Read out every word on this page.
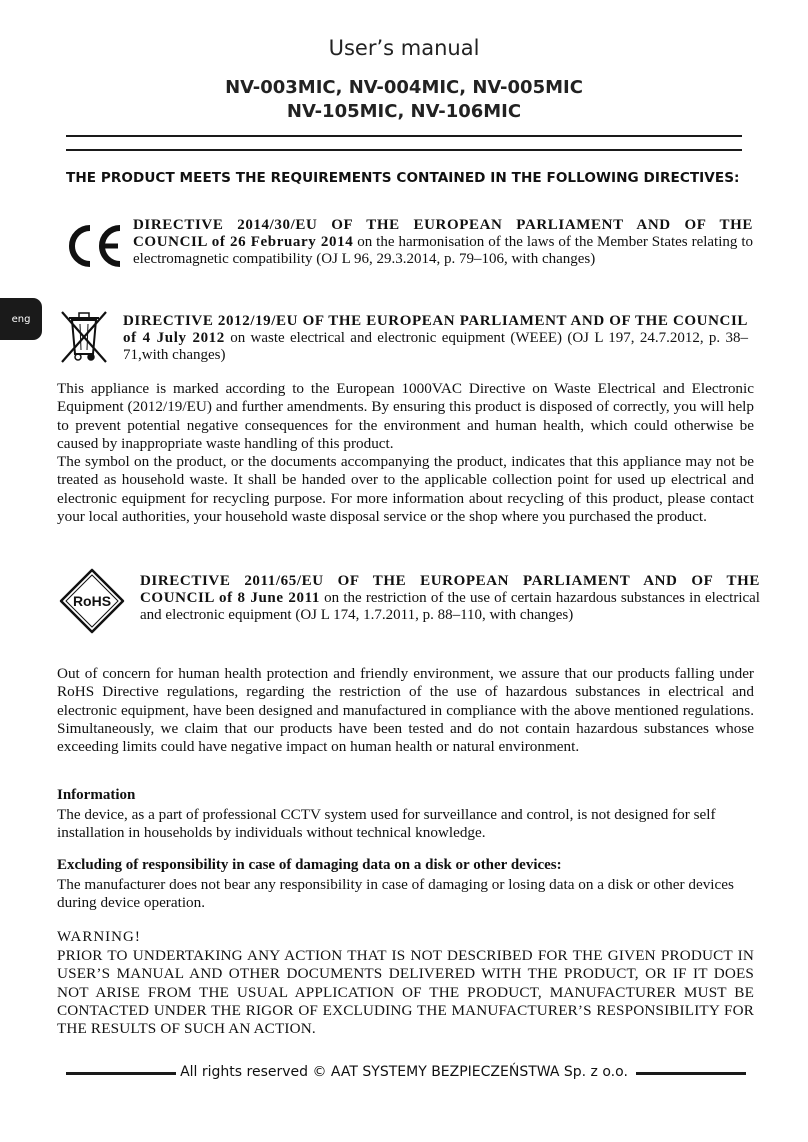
User’s manual
NV-003MIC, NV-004MIC, NV-005MIC
NV-105MIC, NV-106MIC
eng
THE PRODUCT MEETS THE REQUIREMENTS CONTAINED IN THE FOLLOWING DIRECTIVES:
DIRECTIVE 2014/30/EU OF THE EUROPEAN PARLIAMENT AND OF THE COUNCIL of 26 February 2014 on the harmonisation of the laws of the Member States relating to electromagnetic compatibility (OJ L 96, 29.3.2014, p. 79–106, with changes)
DIRECTIVE 2012/19/EU OF THE EUROPEAN PARLIAMENT AND OF THE COUNCIL of 4 July 2012 on waste electrical and electronic equipment (WEEE) (OJ L 197, 24.7.2012, p. 38–71,with changes)
This appliance is marked according to the European 1000VAC Directive on Waste Electrical and Electronic Equipment (2012/19/EU) and further amendments. By ensuring this product is disposed of correctly, you will help to prevent potential negative consequences for the environment and human health, which could otherwise be caused by inappropriate waste handling of this product.
The symbol on the product, or the documents accompanying the product, indicates that this appliance may not be treated as household waste. It shall be handed over to the applicable collection point for used up electrical and electronic equipment for recycling purpose. For more information about recycling of this product, please contact your local authorities, your household waste disposal service or the shop where you purchased the product.
RoHS
DIRECTIVE 2011/65/EU OF THE EUROPEAN PARLIAMENT AND OF THE COUNCIL of 8 June 2011 on the restriction of the use of certain hazardous substances in electrical and electronic equipment (OJ L 174, 1.7.2011, p. 88–110, with changes)
Out of concern for human health protection and friendly environment, we assure that our products falling under RoHS Directive regulations, regarding the restriction of the use of hazardous substances in electrical and electronic equipment, have been designed and manufactured in compliance with the above mentioned regulations. Simultaneously, we claim that our products have been tested and do not contain hazardous substances whose exceeding limits could have negative impact on human health or natural environment.
Information
The device, as a part of professional CCTV system used for surveillance and control, is not designed for self installation in households by individuals without technical knowledge.
Excluding of responsibility in case of damaging data on a disk or other devices:
The manufacturer does not bear any responsibility in case of damaging or losing data on a disk or other devices during device operation.
WARNING!
PRIOR TO UNDERTAKING ANY ACTION THAT IS NOT DESCRIBED FOR THE GIVEN PRODUCT IN USER’S MANUAL AND OTHER DOCUMENTS DELIVERED WITH THE PRODUCT, OR IF IT DOES NOT ARISE FROM THE USUAL APPLICATION OF THE PRODUCT, MANUFACTURER MUST BE CONTACTED UNDER THE RIGOR OF EXCLUDING THE MANUFACTURER’S RESPONSIBILITY FOR THE RESULTS OF SUCH AN ACTION.
All rights reserved © AAT SYSTEMY BEZPIECZEŃSTWA Sp. z o.o.
